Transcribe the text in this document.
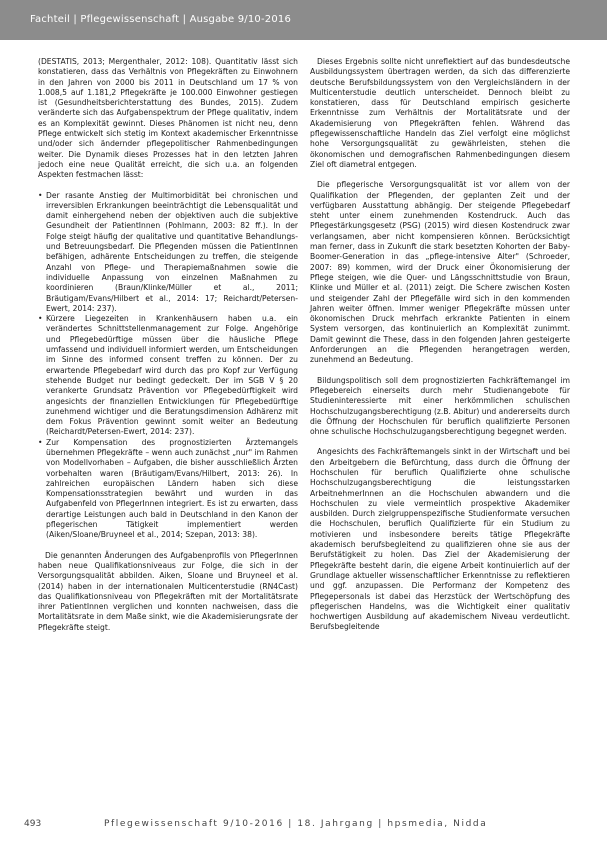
Fachteil | Pflegewissenschaft | Ausgabe 9/10-2016

(DESTATIS, 2013; Mergenthaler, 2012: 108). Quantitativ lässt sich konstatieren, dass das Verhältnis von Pflegekräften zu Einwohnern in den Jahren von 2000 bis 2011 in Deutschland um 17 % von 1.008,5 auf 1.181,2 Pflegekräfte je 100.000 Einwohner gestiegen ist (Gesundheitsberichterstattung des Bundes, 2015). Zudem veränderte sich das Aufgabenspektrum der Pflege qualitativ, indem es an Komplexität gewinnt. Dieses Phänomen ist nicht neu, denn Pflege entwickelt sich stetig im Kontext akademischer Erkenntnisse und/oder sich ändernder pflegepolitischer Rahmenbedingungen weiter. Die Dynamik dieses Prozesses hat in den letzten Jahren jedoch eine neue Qualität erreicht, die sich u.a. an folgenden Aspekten festmachen lässt:

• Der rasante Anstieg der Multimorbidität bei chronischen und irreversiblen Erkrankungen beeinträchtigt die Lebensqualität und damit einhergehend neben der objektiven auch die subjektive Gesundheit der PatientInnen (Pohlmann, 2003: 82 ff.). In der Folge steigt häufig der qualitative und quantitative Behandlungs- und Betreuungsbedarf. Die Pflegenden müssen die PatientInnen befähigen, adhärente Entscheidungen zu treffen, die steigende Anzahl von Pflege- und Therapiemaßnahmen sowie die individuelle Anpassung von einzelnen Maßnahmen zu koordinieren (Braun/Klinke/Müller et al., 2011; Bräutigam/Evans/Hilbert et al., 2014: 17; Reichardt/Petersen-Ewert, 2014: 237).
• Kürzere Liegezeiten in Krankenhäusern haben u.a. ein verändertes Schnittstellenmanagement zur Folge. Angehörige und Pflegebedürftige müssen über die häusliche Pflege umfassend und individuell informiert werden, um Entscheidungen im Sinne des informed consent treffen zu können. Der zu erwartende Pflegebedarf wird durch das pro Kopf zur Verfügung stehende Budget nur bedingt gedeckelt. Der im SGB V § 20 verankerte Grundsatz Prävention vor Pflegebedürftigkeit wird angesichts der finanziellen Entwicklungen für Pflegebedürftige zunehmend wichtiger und die Beratungsdimension Adhärenz mit dem Fokus Prävention gewinnt somit weiter an Bedeutung (Reichardt/Petersen-Ewert, 2014: 237).
• Zur Kompensation des prognostizierten Ärztemangels übernehmen Pflegekräfte – wenn auch zunächst „nur" im Rahmen von Modellvorhaben – Aufgaben, die bisher ausschließlich Ärzten vorbehalten waren (Bräutigam/Evans/Hilbert, 2013: 26). In zahlreichen europäischen Ländern haben sich diese Kompensationsstrategien bewährt und wurden in das Aufgabenfeld von PflegerInnen integriert. Es ist zu erwarten, dass derartige Leistungen auch bald in Deutschland in den Kanon der pflegerischen Tätigkeit implementiert werden (Aiken/Sloane/Bruyneel et al., 2014; Szepan, 2013: 38).

Die genannten Änderungen des Aufgabenprofils von PflegerInnen haben neue Qualifikationsniveaus zur Folge, die sich in der Versorgungsqualität abbilden. Aiken, Sloane und Bruyneel et al. (2014) haben in der internationalen Multicenterstudie (RN4Cast) das Qualifikationsniveau von Pflegekräften mit der Mortalitätsrate ihrer PatientInnen verglichen und konnten nachweisen, dass die Mortalitätsrate in dem Maße sinkt, wie die Akademisierungsrate der Pflegekräfte steigt.

Dieses Ergebnis sollte nicht unreflektiert auf das bundesdeutsche Ausbildungssystem übertragen werden, da sich das differenzierte deutsche Berufsbildungssystem von den Vergleichsländern in der Multicenterstudie deutlich unterscheidet. Dennoch bleibt zu konstatieren, dass für Deutschland empirisch gesicherte Erkenntnisse zum Verhältnis der Mortalitätsrate und der Akademisierung von Pflegekräften fehlen. Während das pflegewissenschaftliche Handeln das Ziel verfolgt eine möglichst hohe Versorgungsqualität zu gewährleisten, stehen die ökonomischen und demografischen Rahmenbedingungen diesem Ziel oft diametral entgegen.

Die pflegerische Versorgungsqualität ist vor allem von der Qualifikation der Pflegenden, der geplanten Zeit und der verfügbaren Ausstattung abhängig. Der steigende Pflegebedarf steht unter einem zunehmenden Kostendruck. Auch das Pflegestärkungsgesetz (PSG) (2015) wird diesen Kostendruck zwar verlangsamen, aber nicht kompensieren können. Berücksichtigt man ferner, dass in Zukunft die stark besetzten Kohorten der Baby-Boomer-Generation in das „pflege-intensive Alter" (Schroeder, 2007: 89) kommen, wird der Druck einer Ökonomisierung der Pflege steigen, wie die Quer- und Längsschnittstudie von Braun, Klinke und Müller et al. (2011) zeigt. Die Schere zwischen Kosten und steigender Zahl der Pflegefälle wird sich in den kommenden Jahren weiter öffnen. Immer weniger Pflegekräfte müssen unter ökonomischen Druck mehrfach erkrankte Patienten in einem System versorgen, das kontinuierlich an Komplexität zunimmt. Damit gewinnt die These, dass in den folgenden Jahren gesteigerte Anforderungen an die Pflegenden herangetragen werden, zunehmend an Bedeutung.

Bildungspolitisch soll dem prognostizierten Fachkräftemangel im Pflegebereich einerseits durch mehr Studienangebote für Studieninteressierte mit einer herkömmlichen schulischen Hochschulzugangsberechtigung (z.B. Abitur) und andererseits durch die Öffnung der Hochschulen für beruflich qualifizierte Personen ohne schulische Hochschulzugangsberechtigung begegnet werden.

Angesichts des Fachkräftemangels sinkt in der Wirtschaft und bei den Arbeitgebern die Befürchtung, dass durch die Öffnung der Hochschulen für beruflich Qualifizierte ohne schulische Hochschulzugangsberechtigung die leistungsstarken ArbeitnehmerInnen an die Hochschulen abwandern und die Hochschulen zu viele vermeintlich prospektive Akademiker ausbilden. Durch zielgruppenspezifische Studienformate versuchen die Hochschulen, beruflich Qualifizierte für ein Studium zu motivieren und insbesondere bereits tätige Pflegekräfte akademisch berufsbegleitend zu qualifizieren ohne sie aus der Berufstätigkeit zu holen. Das Ziel der Akademisierung der Pflegekräfte besteht darin, die eigene Arbeit kontinuierlich auf der Grundlage aktueller wissenschaftlicher Erkenntnisse zu reflektieren und ggf. anzupassen. Die Performanz der Kompetenz des Pflegepersonals ist dabei das Herzstück der Wertschöpfung des pflegerischen Handelns, was die Wichtigkeit einer qualitativ hochwertigen Ausbildung auf akademischem Niveau verdeutlicht. Berufsbegleitende

493	Pflegewissenschaft 9/10-2016 | 18. Jahrgang | hpsmedia, Nidda
